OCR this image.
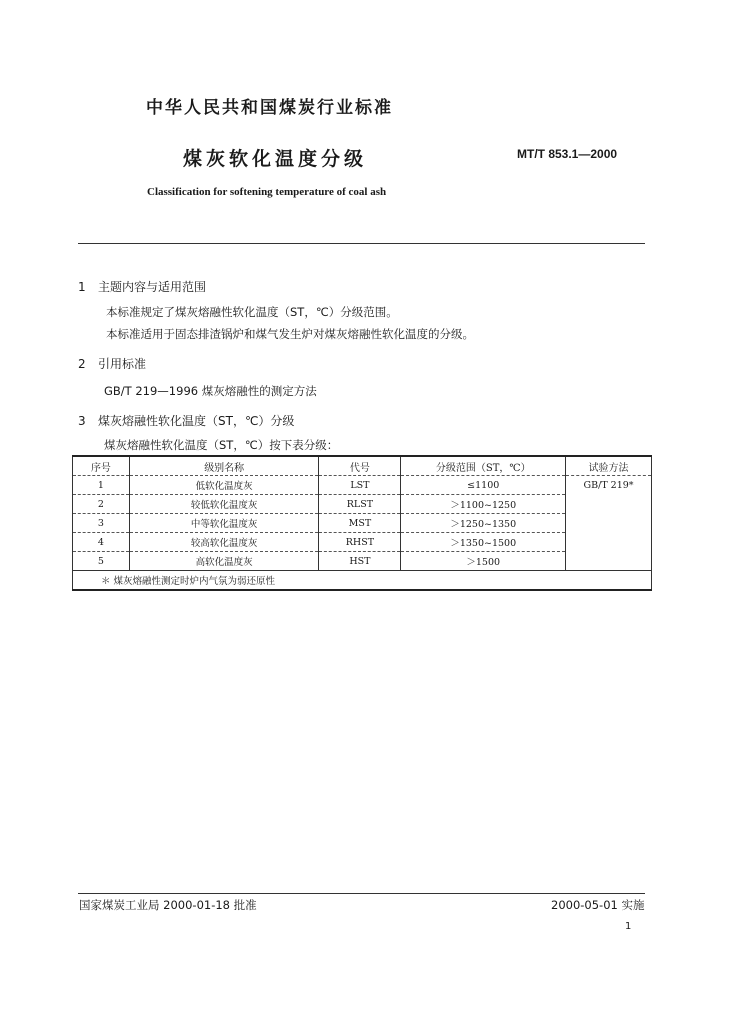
中华人民共和国煤炭行业标准
煤灰软化温度分级	MT/T 853.1—2000
Classification for softening temperature of coal ash
1 主题内容与适用范围
本标准规定了煤灰熔融性软化温度（ST，℃）分级范围。
本标准适用于固态排渣锅炉和煤气发生炉对煤灰熔融性软化温度的分级。
2 引用标准
GB/T 219—1996 煤灰熔融性的测定方法
3 煤灰熔融性软化温度（ST，℃）分级
煤灰熔融性软化温度（ST，℃）按下表分级：
序号	级别名称	代号	分级范围（ST，℃）	试验方法
1	低软化温度灰	LST	≤1100	GB/T 219*
2	较低软化温度灰	RLST	＞1100~1250	
3	中等软化温度灰	MST	＞1250~1350	
4	较高软化温度灰	RHST	＞1350~1500	
5	高软化温度灰	HST	＞1500	
＊ 煤灰熔融性测定时炉内气氛为弱还原性				
国家煤炭工业局 2000-01-18 批准	2000-05-01 实施
1
